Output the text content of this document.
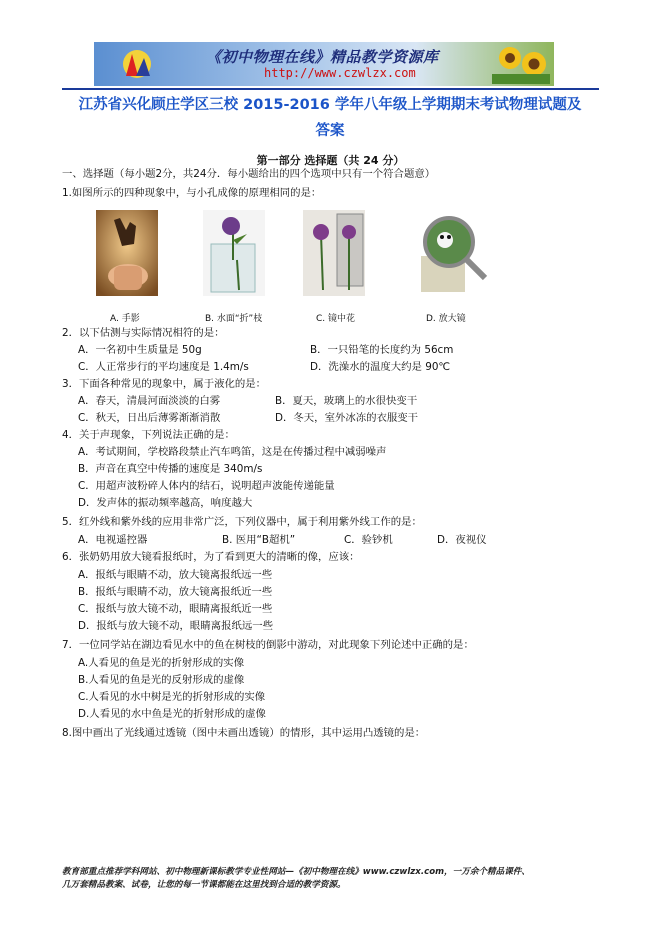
《初中物理在线》精品教学资源库
http://www.czwlzx.com
江苏省兴化顾庄学区三校 2015-2016 学年八年级上学期期末考试物理试题及
答案
第一部分 选择题（共 24 分）
一、选择题（每小题2分，共24分．每小题给出的四个选项中只有一个符合题意）
1.如图所示的四种现象中，与小孔成像的原理相同的是：
A. 手影	B. 水面“折”枝	C. 镜中花	D. 放大镜
2．以下估测与实际情况相符的是：
A．一名初中生质量是 50g	B．一只铅笔的长度约为 56cm
C．人正常步行的平均速度是 1.4m/s	D．洗澡水的温度大约是 90℃
3．下面各种常见的现象中，属于液化的是：
A．春天，清晨河面淡淡的白雾	B．夏天，玻璃上的水很快变干
C．秋天，日出后薄雾渐渐消散	D．冬天，室外冰冻的衣服变干
4．关于声现象，下列说法正确的是：
A．考试期间，学校路段禁止汽车鸣笛，这是在传播过程中减弱噪声
B．声音在真空中传播的速度是 340m/s
C．用超声波粉碎人体内的结石，说明超声波能传递能量
D．发声体的振动频率越高，响度越大
5．红外线和紫外线的应用非常广泛，下列仪器中，属于利用紫外线工作的是：
A．电视遥控器	B. 医用“B超机”	C．验钞机	D．夜视仪
6．张奶奶用放大镜看报纸时，为了看到更大的清晰的像，应该：
A．报纸与眼睛不动，放大镜离报纸远一些
B．报纸与眼睛不动，放大镜离报纸近一些
C．报纸与放大镜不动，眼睛离报纸近一些
D．报纸与放大镜不动，眼睛离报纸远一些
7．一位同学站在湖边看见水中的鱼在树枝的倒影中游动，对此现象下列论述中正确的是：
A.人看见的鱼是光的折射形成的实像
B.人看见的鱼是光的反射形成的虚像
C.人看见的水中树是光的折射形成的实像
D.人看见的水中鱼是光的折射形成的虚像
8.图中画出了光线通过透镜（图中未画出透镜）的情形，其中运用凸透镜的是：
教育部重点推荐学科网站、初中物理新课标教学专业性网站—《初中物理在线》www.czwlzx.com，一万余个精品课件、
几万套精品教案、试卷，让您的每一节课都能在这里找到合适的教学资源。
